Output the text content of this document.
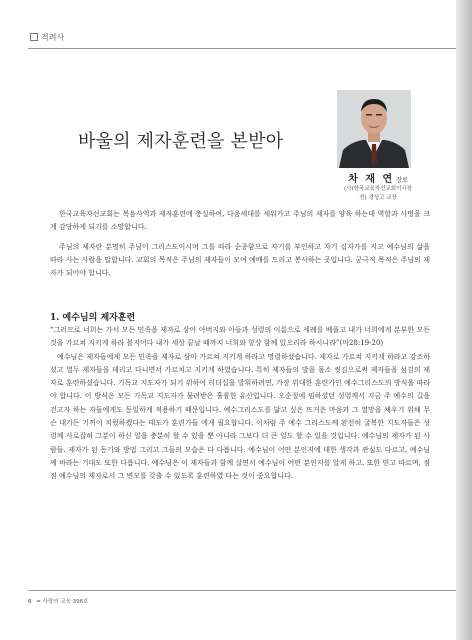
격려사
바울의 제자훈련을 본받아
차 재 연 장로
(사)한국교육자선교회이사장
전) 경성고 교장

한국교육자선교회는 복음사역과 제자훈련에 충실하여, 다음세대를 세워가고 주님의 제자를 양육 하는데 역할과 사명을 크게 감당하게 되기를 소망합니다.

주님의 제자란 분명히 주님이 그리스도이시며 그를 따라 순종함으로 자기를 부인하고 자기 십자가를 지고 예수님의 삶을 따라 사는 사람을 말합니다. 교회의 목적은 주님의 제자들이 모여 예배를 드리고 봉사하는 곳입니다. 궁극적 목적은 주님의 제자가 되어야 합니다.

1. 예수님의 제자훈련

“그러므로 너희는 가서 모든 민족을 제자로 삼아 아버지와 아들과 성령의 이름으로 세례를 베풀고 내가 너희에게 분부한 모든 것을 가르쳐 지키게 하라 볼지어다 내가 세상 끝날 때까지 너희와 항상 함께 있으리라 하시니라”(마28:19-20)

예수님은 제자들에게 모든 민족을 제자로 삼아 가르쳐 지키게 하라고 명령하셨습니다. 제자로 가르쳐 지키게 하라고 강조하셨고 열두 제자들을 데리고 다니면서 가르치고 지키게 하였습니다. 특히 제자들의 발을 몸소 씻김으로써 제자들을 섬김의 제자로 훈련하셨습니다. 기독교 지도자가 되기 위하여 리더십을 발휘하려면, 가장 위대한 훈련가인 예수그리스도의 방식을 따라야 합니다. 이 방식은 모든 기독교 지도자가 물려받은 훌륭한 유산입니다. 오순절에 임하셨던 성령께서 지금 주 예수의 길을 걷고자 하는 자들에게도 동일하게 적용하기 때문입니다. 예수그리스도를 닮고 싶은 뜨거운 마음과 그 열망을 채우기 위해 무슨 대가든 기꺼이 치렀하겠다는 태도가 훈련가들 에게 필요합니다. 이처럼 주 예수 그리스도께 완전히 굴복한 지도자들은 성령께 사로잡혀 그분이 하신 일을 충분히 할 수 있을 뿐 아니라 그보다 더 큰 일도 할 수 있을 것입니다. 예수님의 제자가 된 사람들. 제자가 된 동기와 방법 그리고 그들의 모습은 다 다릅니다. 예수님이 어떤 분인지에 대한 생각과 관심도 다르고, 예수님께 바라는 기대도 또한 다릅니다. 예수님은 이 제자들과 함께 살면서 예수님이 어떤 분인지를 알게 하고, 또한 믿고 따르며, 점점 예수님의 제자로서 그 변모를 갖출 수 있도록 훈련하였 다는 것이 중요합니다.

6 = 사랑의 교육 396호
